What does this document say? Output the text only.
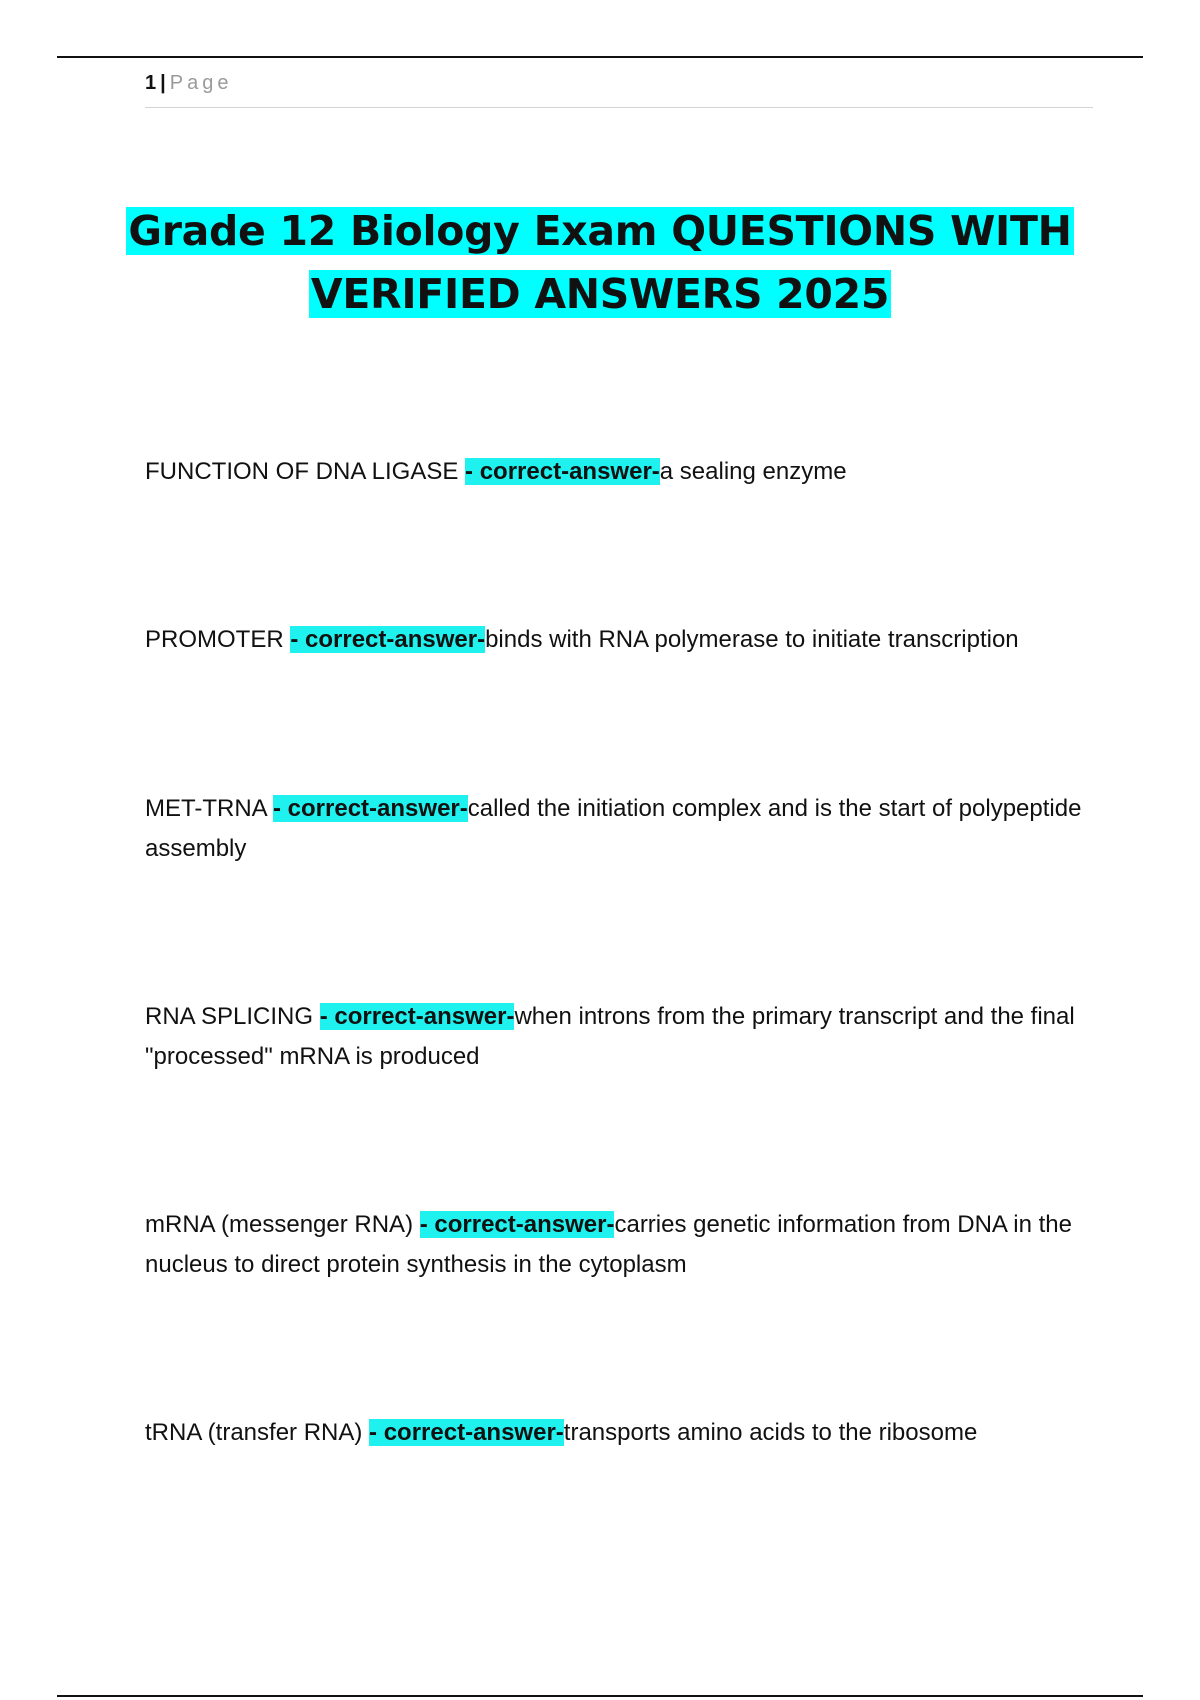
1 | Page
Grade 12 Biology Exam QUESTIONS WITH
VERIFIED ANSWERS 2025

FUNCTION OF DNA LIGASE - correct-answer-a sealing enzyme

PROMOTER - correct-answer-binds with RNA polymerase to initiate transcription

MET-TRNA - correct-answer-called the initiation complex and is the start of polypeptide assembly

RNA SPLICING - correct-answer-when introns from the primary transcript and the final "processed" mRNA is produced

mRNA (messenger RNA) - correct-answer-carries genetic information from DNA in the nucleus to direct protein synthesis in the cytoplasm

tRNA (transfer RNA) - correct-answer-transports amino acids to the ribosome
